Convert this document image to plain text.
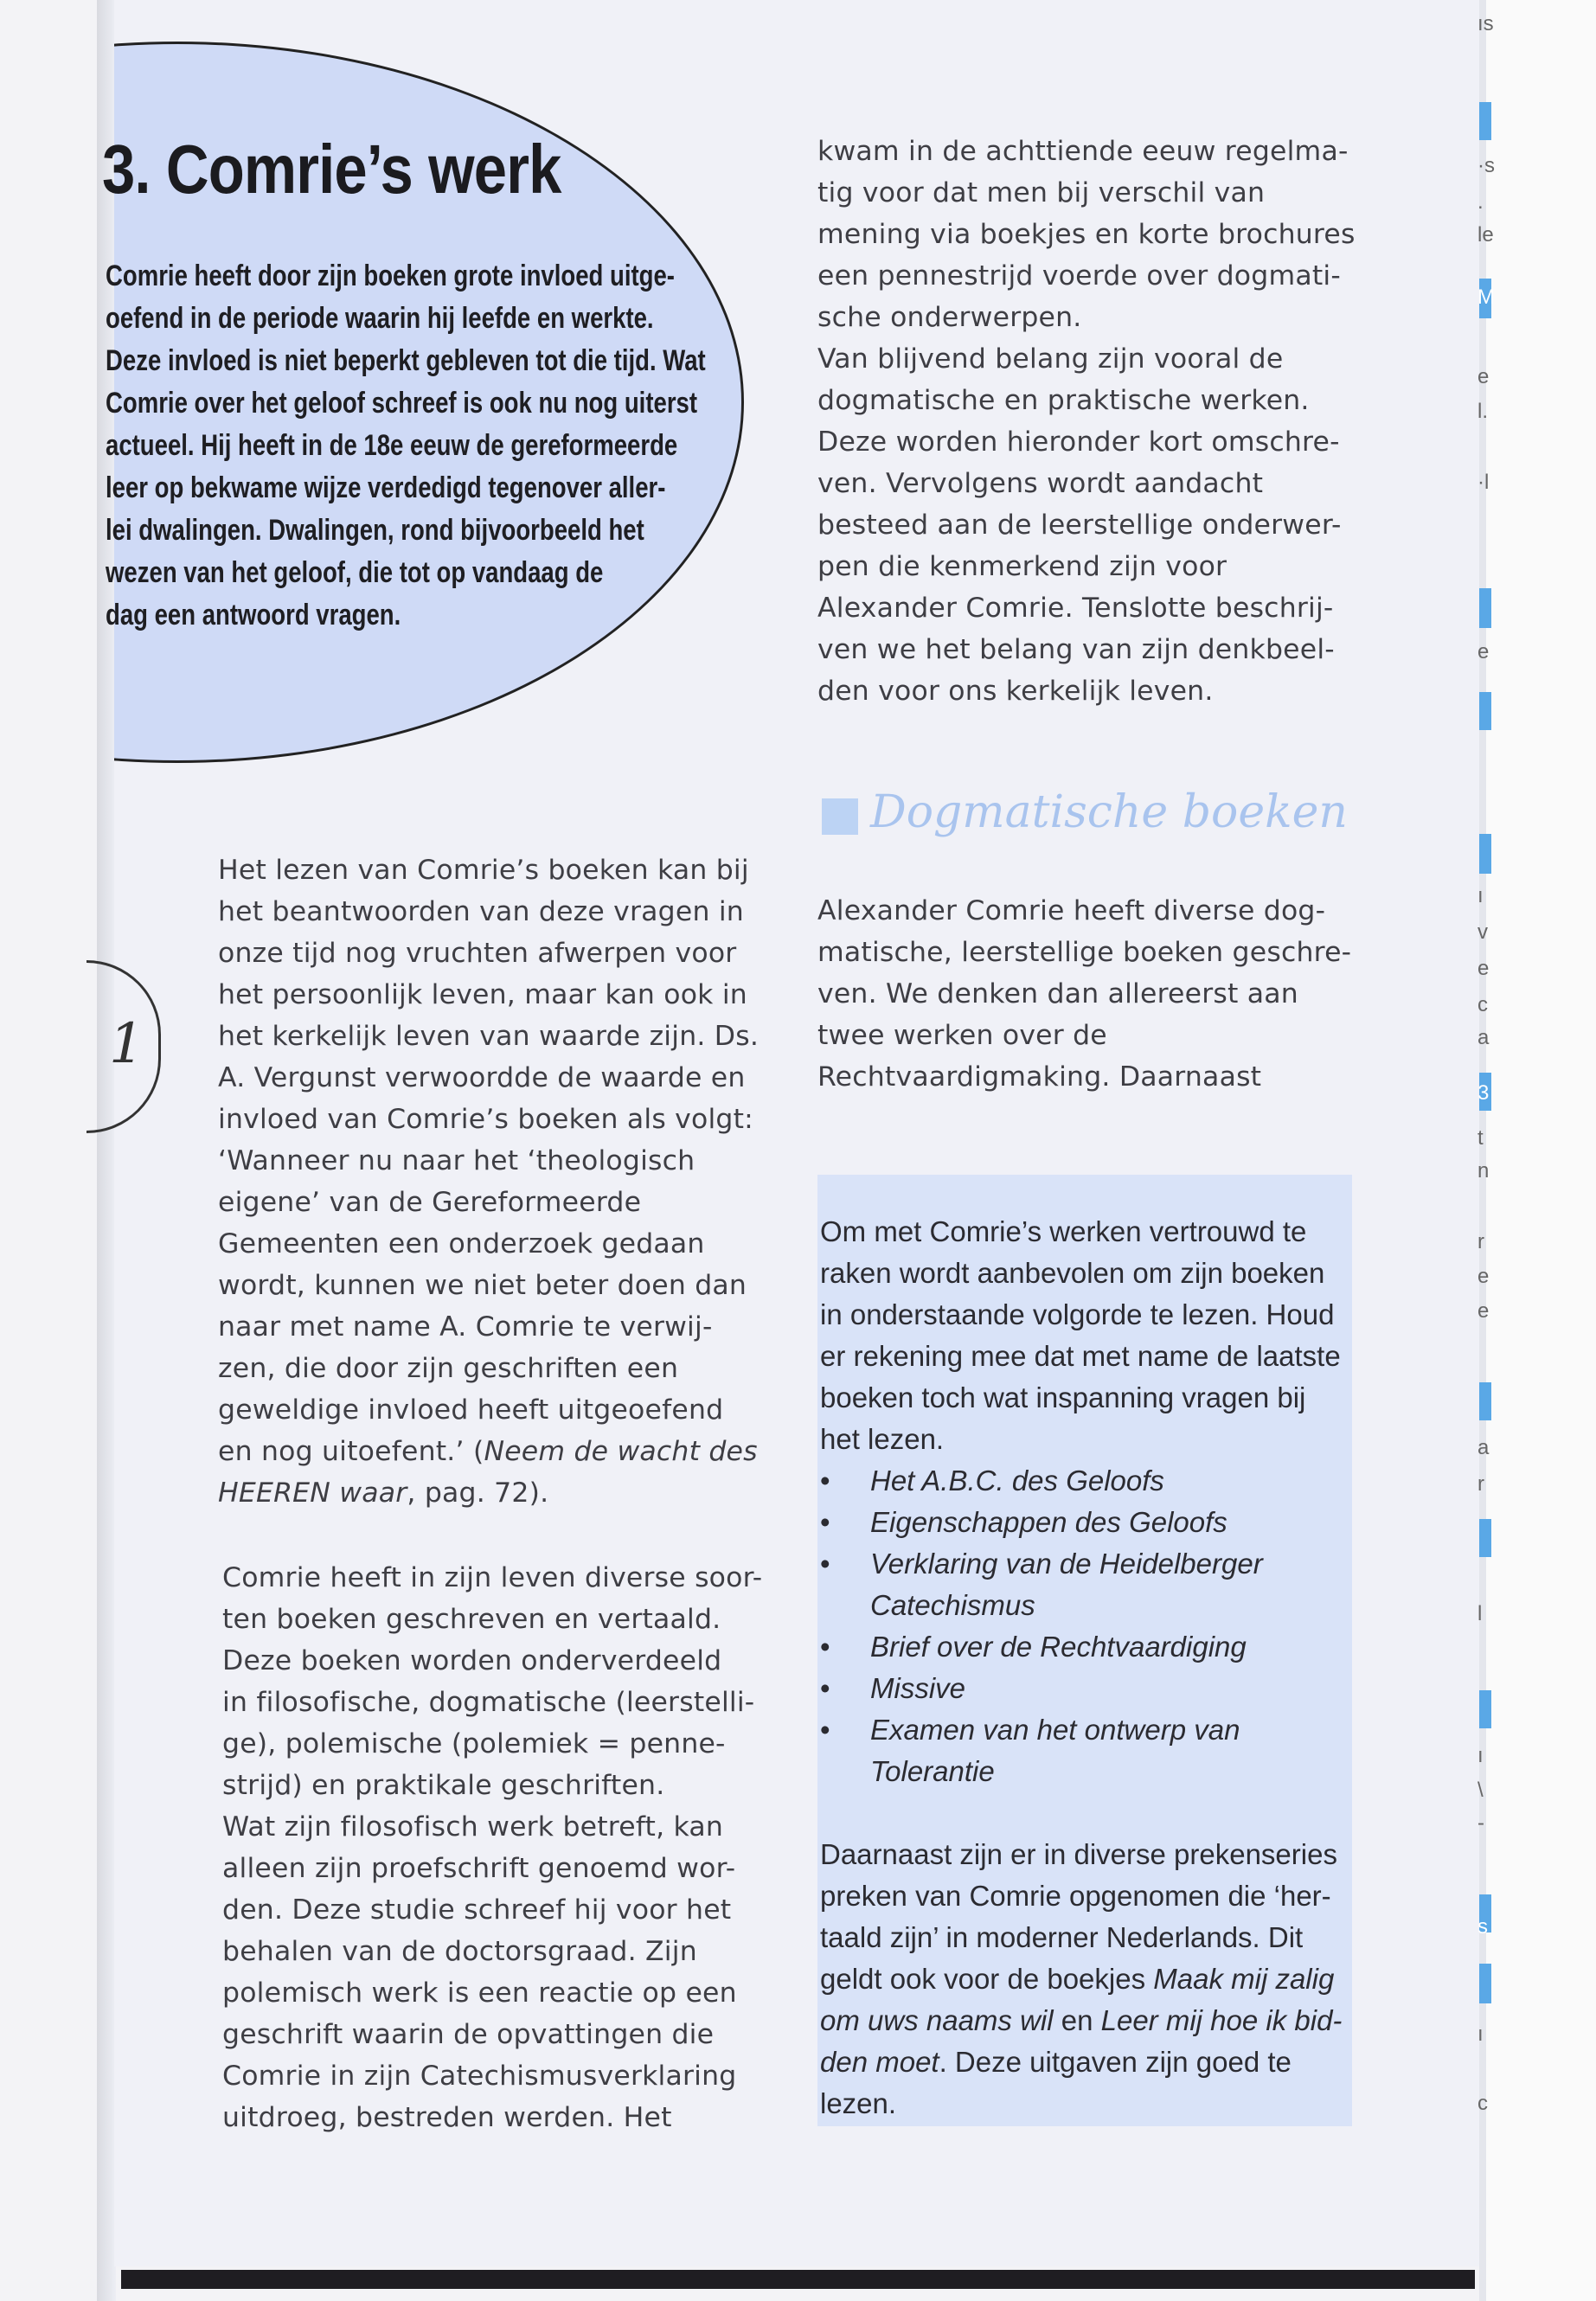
3. Comrie’s werk
Comrie heeft door zijn boeken grote invloed uitge-
oefend in de periode waarin hij leefde en werkte.
Deze invloed is niet beperkt gebleven tot die tijd. Wat
Comrie over het geloof schreef is ook nu nog uiterst
actueel. Hij heeft in de 18e eeuw de gereformeerde
leer op bekwame wijze verdedigd tegenover aller-
lei dwalingen. Dwalingen, rond bijvoorbeeld het
wezen van het geloof, die tot op vandaag de
dag een antwoord vragen.
1
Het lezen van Comrie’s boeken kan bij
het beantwoorden van deze vragen in
onze tijd nog vruchten afwerpen voor
het persoonlijk leven, maar kan ook in
het kerkelijk leven van waarde zijn. Ds.
A. Vergunst verwoordde de waarde en
invloed van Comrie’s boeken als volgt:
‘Wanneer nu naar het ‘theologisch
eigene’ van de Gereformeerde
Gemeenten een onderzoek gedaan
wordt, kunnen we niet beter doen dan
naar met name A. Comrie te verwij-
zen, die door zijn geschriften een
geweldige invloed heeft uitgeoefend
en nog uitoefent.’ (Neem de wacht des
HEEREN waar, pag. 72).
Comrie heeft in zijn leven diverse soor-
ten boeken geschreven en vertaald.
Deze boeken worden onderverdeeld
in filosofische, dogmatische (leerstelli-
ge), polemische (polemiek = penne-
strijd) en praktikale geschriften.
Wat zijn filosofisch werk betreft, kan
alleen zijn proefschrift genoemd wor-
den. Deze studie schreef hij voor het
behalen van de doctorsgraad. Zijn
polemisch werk is een reactie op een
geschrift waarin de opvattingen die
Comrie in zijn Catechismusverklaring
uitdroeg, bestreden werden. Het
kwam in de achttiende eeuw regelma-
tig voor dat men bij verschil van
mening via boekjes en korte brochures
een pennestrijd voerde over dogmati-
sche onderwerpen.
Van blijvend belang zijn vooral de
dogmatische en praktische werken.
Deze worden hieronder kort omschre-
ven. Vervolgens wordt aandacht
besteed aan de leerstellige onderwer-
pen die kenmerkend zijn voor
Alexander Comrie. Tenslotte beschrij-
ven we het belang van zijn denkbeel-
den voor ons kerkelijk leven.
Dogmatische boeken
Alexander Comrie heeft diverse dog-
matische, leerstellige boeken geschre-
ven. We denken dan allereerst aan
twee werken over de
Rechtvaardigmaking. Daarnaast
Om met Comrie’s werken vertrouwd te
raken wordt aanbevolen om zijn boeken
in onderstaande volgorde te lezen. Houd
er rekening mee dat met name de laatste
boeken toch wat inspanning vragen bij
het lezen.
• Het A.B.C. des Geloofs
• Eigenschappen des Geloofs
• Verklaring van de Heidelberger
Catechismus
• Brief over de Rechtvaardiging
• Missive
• Examen van het ontwerp van
Tolerantie
Daarnaast zijn er in diverse prekenseries
preken van Comrie opgenomen die ‘her-
taald zijn’ in moderner Nederlands. Dit
geldt ook voor de boekjes Maak mij zalig
om uws naams wil en Leer mij hoe ik bid-
den moet. Deze uitgaven zijn goed te
lezen.
ıs
·s
.
le
M
e
l.
·l
e
ı
v
e
c
a
3
t
n
r
e
e
a
r
l
ı
\
-
s
ı
c
